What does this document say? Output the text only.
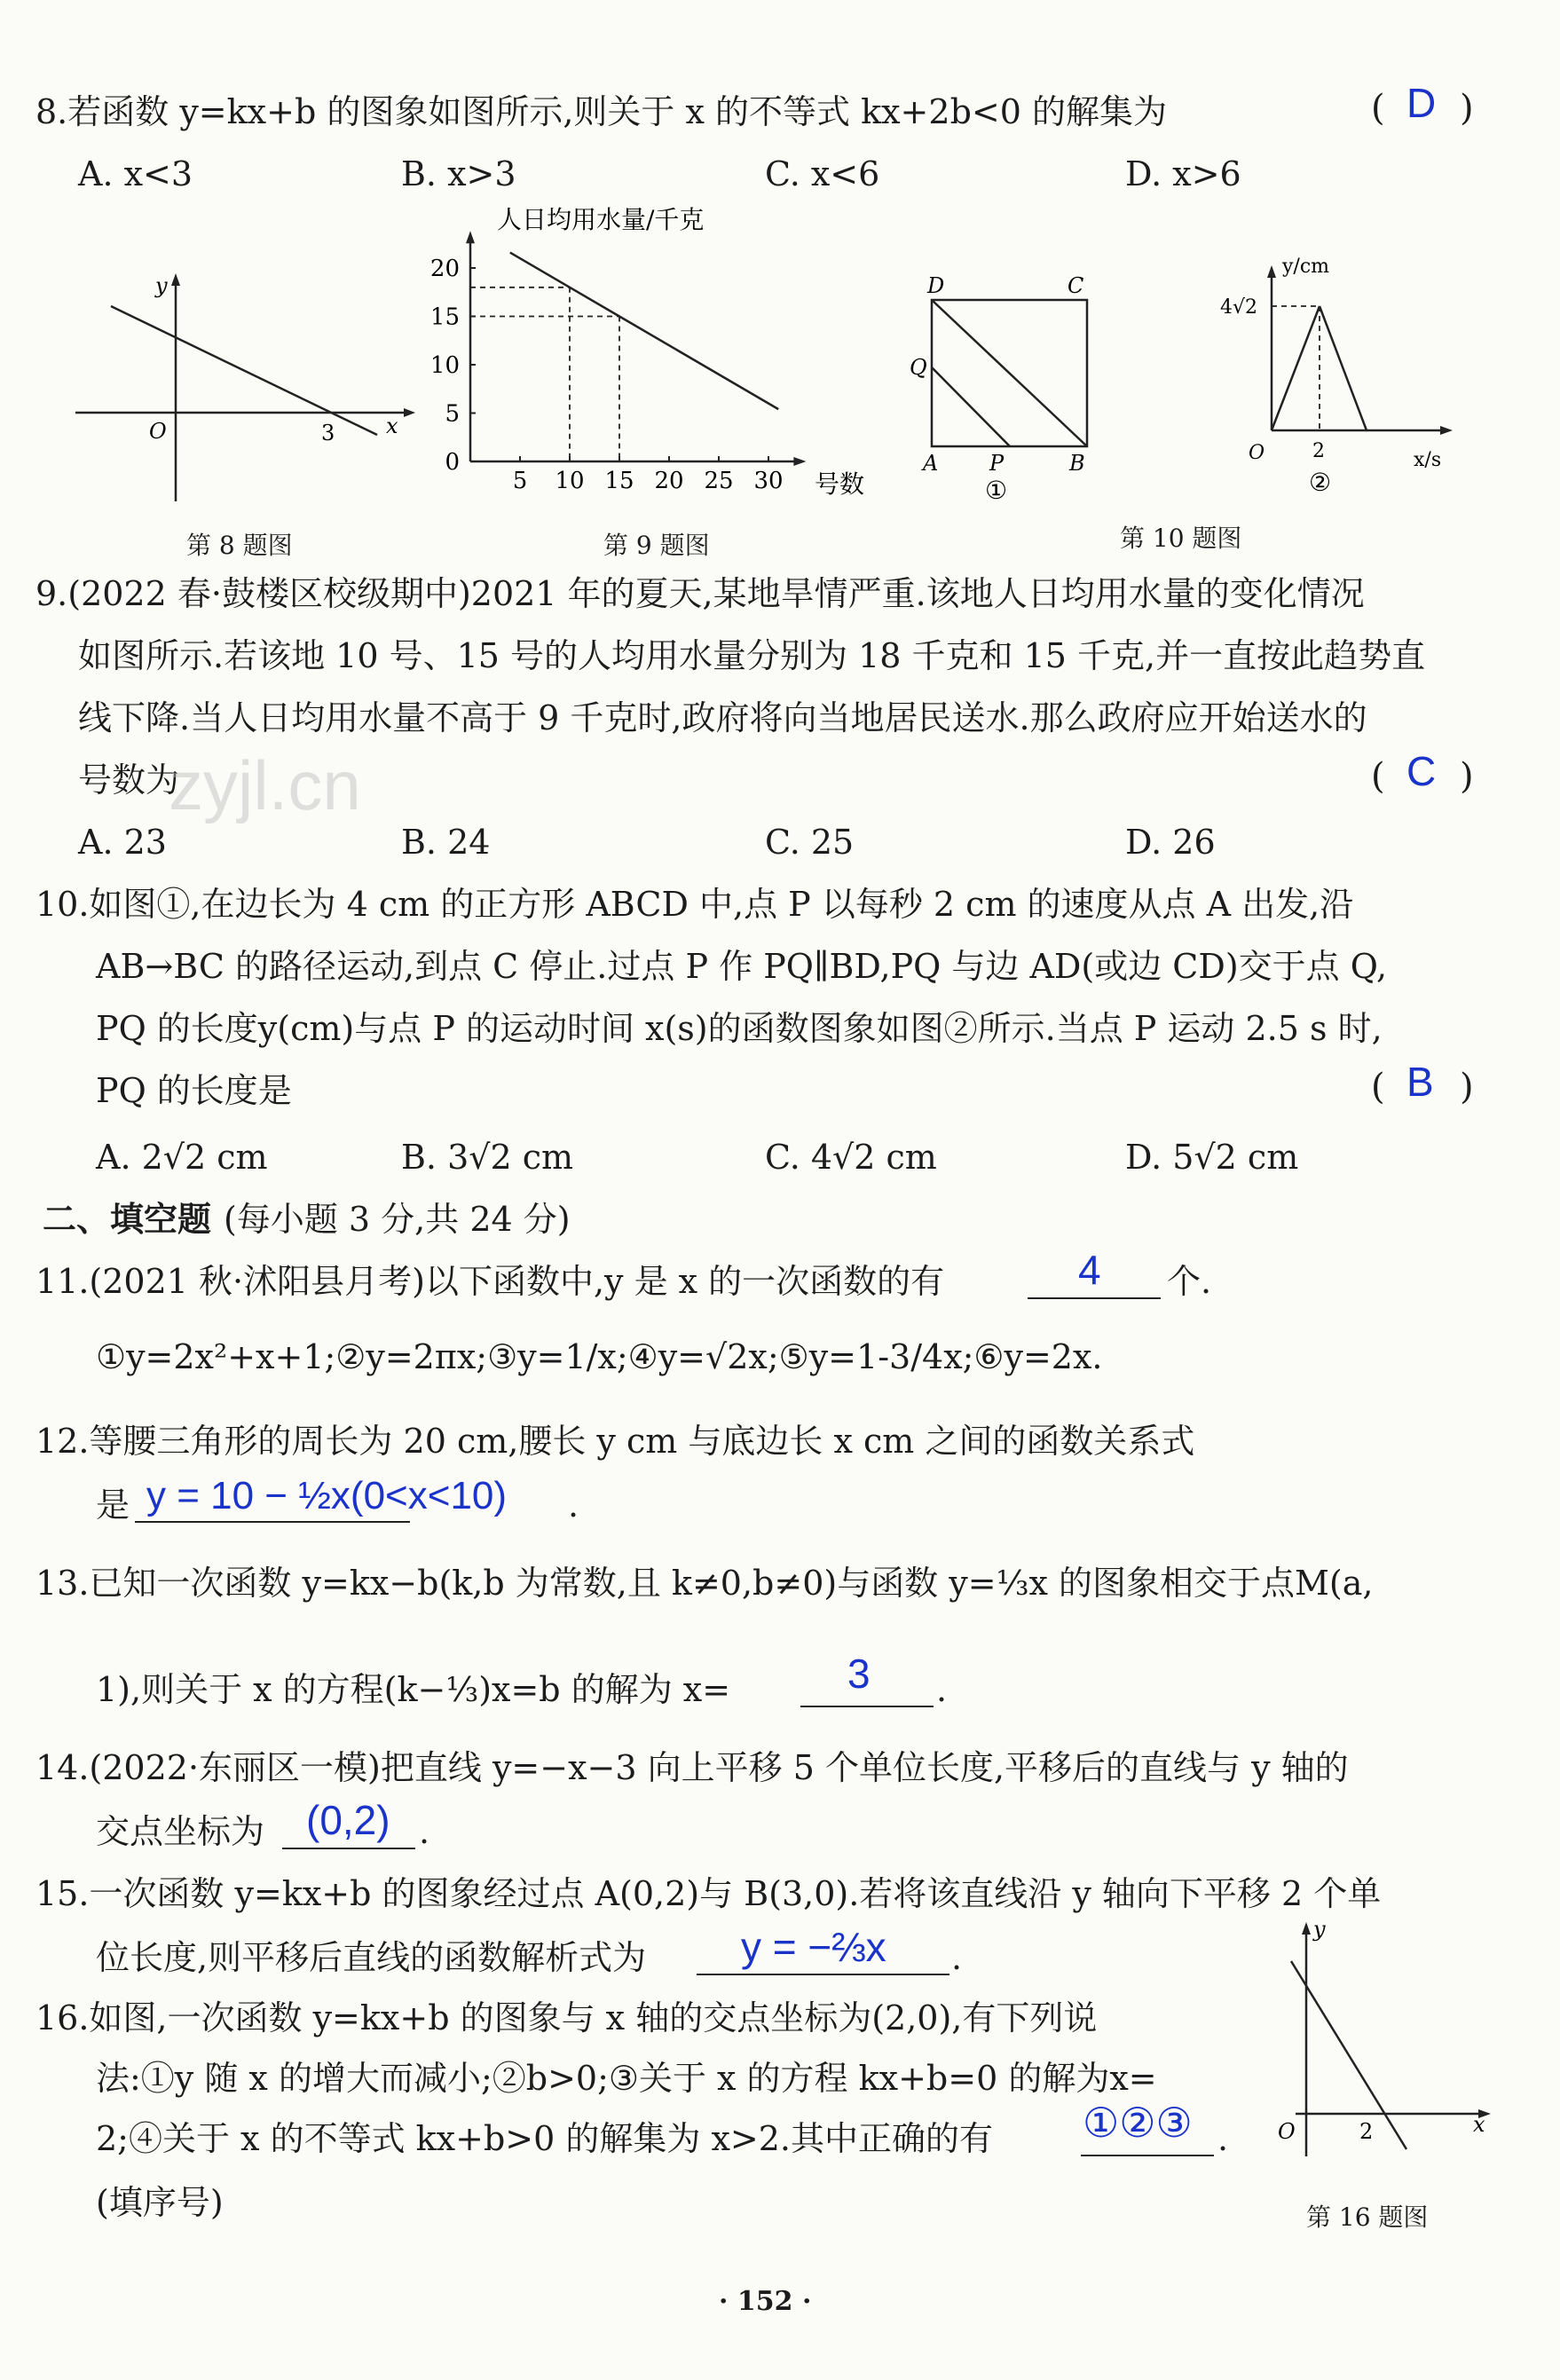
8.若函数 y=kx+b 的图象如图所示,则关于 x 的不等式 kx+2b<0 的解集为	( D )
A. x<3	B. x>3	C. x<6	D. x>6
y
x
O	3
第 8 题图
人日均用水量/千克
号数
5 10 15 20 25 30
0
5
10
15
20
第 9 题图
D	C
Q
A P	B
①
y/cm
x/s
O 2
4√2
②
第 10 题图
9.(2022 春·鼓楼区校级期中)2021 年的夏天,某地旱情严重.该地人日均用水量的变化情况
如图所示.若该地 10 号、15 号的人均用水量分别为 18 千克和 15 千克,并一直按此趋势直
线下降.当人日均用水量不高于 9 千克时,政府将向当地居民送水.那么政府应开始送水的
号数为	( C )
zyjl.cn
A. 23	B. 24	C. 25	D. 26
10.如图①,在边长为 4 cm 的正方形 ABCD 中,点 P 以每秒 2 cm 的速度从点 A 出发,沿
AB→BC 的路径运动,到点 C 停止.过点 P 作 PQ∥BD,PQ 与边 AD(或边 CD)交于点 Q,
PQ 的长度y(cm)与点 P 的运动时间 x(s)的函数图象如图②所示.当点 P 运动 2.5 s 时,
PQ 的长度是	( B )
A. 2√2 cm	B. 3√2 cm	C. 4√2 cm	D. 5√2 cm
二、填空题 (每小题 3 分,共 24 分)
11.(2021 秋·沭阳县月考)以下函数中,y 是 x 的一次函数的有	4 个.
①y=2x²+x+1;②y=2πx;③y=1/x;④y=√2x;⑤y=1-3/4x;⑥y=2x.
12.等腰三角形的周长为 20 cm,腰长 y cm 与底边长 x cm 之间的函数关系式
是 y = 10 − ½x(0<x<10) .
13.已知一次函数 y=kx−b(k,b 为常数,且 k≠0,b≠0)与函数 y=⅓x 的图象相交于点M(a,
1),则关于 x 的方程(k−⅓)x=b 的解为 x=	3 .
14.(2022·东丽区一模)把直线 y=−x−3 向上平移 5 个单位长度,平移后的直线与 y 轴的
交点坐标为 (0,2) .
15.一次函数 y=kx+b 的图象经过点 A(0,2)与 B(3,0).若将该直线沿 y 轴向下平移 2 个单
位长度,则平移后直线的函数解析式为 y = −⅔x .
16.如图,一次函数 y=kx+b 的图象与 x 轴的交点坐标为(2,0),有下列说
法:①y 随 x 的增大而减小;②b>0;③关于 x 的方程 kx+b=0 的解为x=
2;④关于 x 的不等式 kx+b>0 的解集为 x>2.其中正确的有 ①②③ .
(填序号)
y
x
O	2
第 16 题图
· 152 ·
